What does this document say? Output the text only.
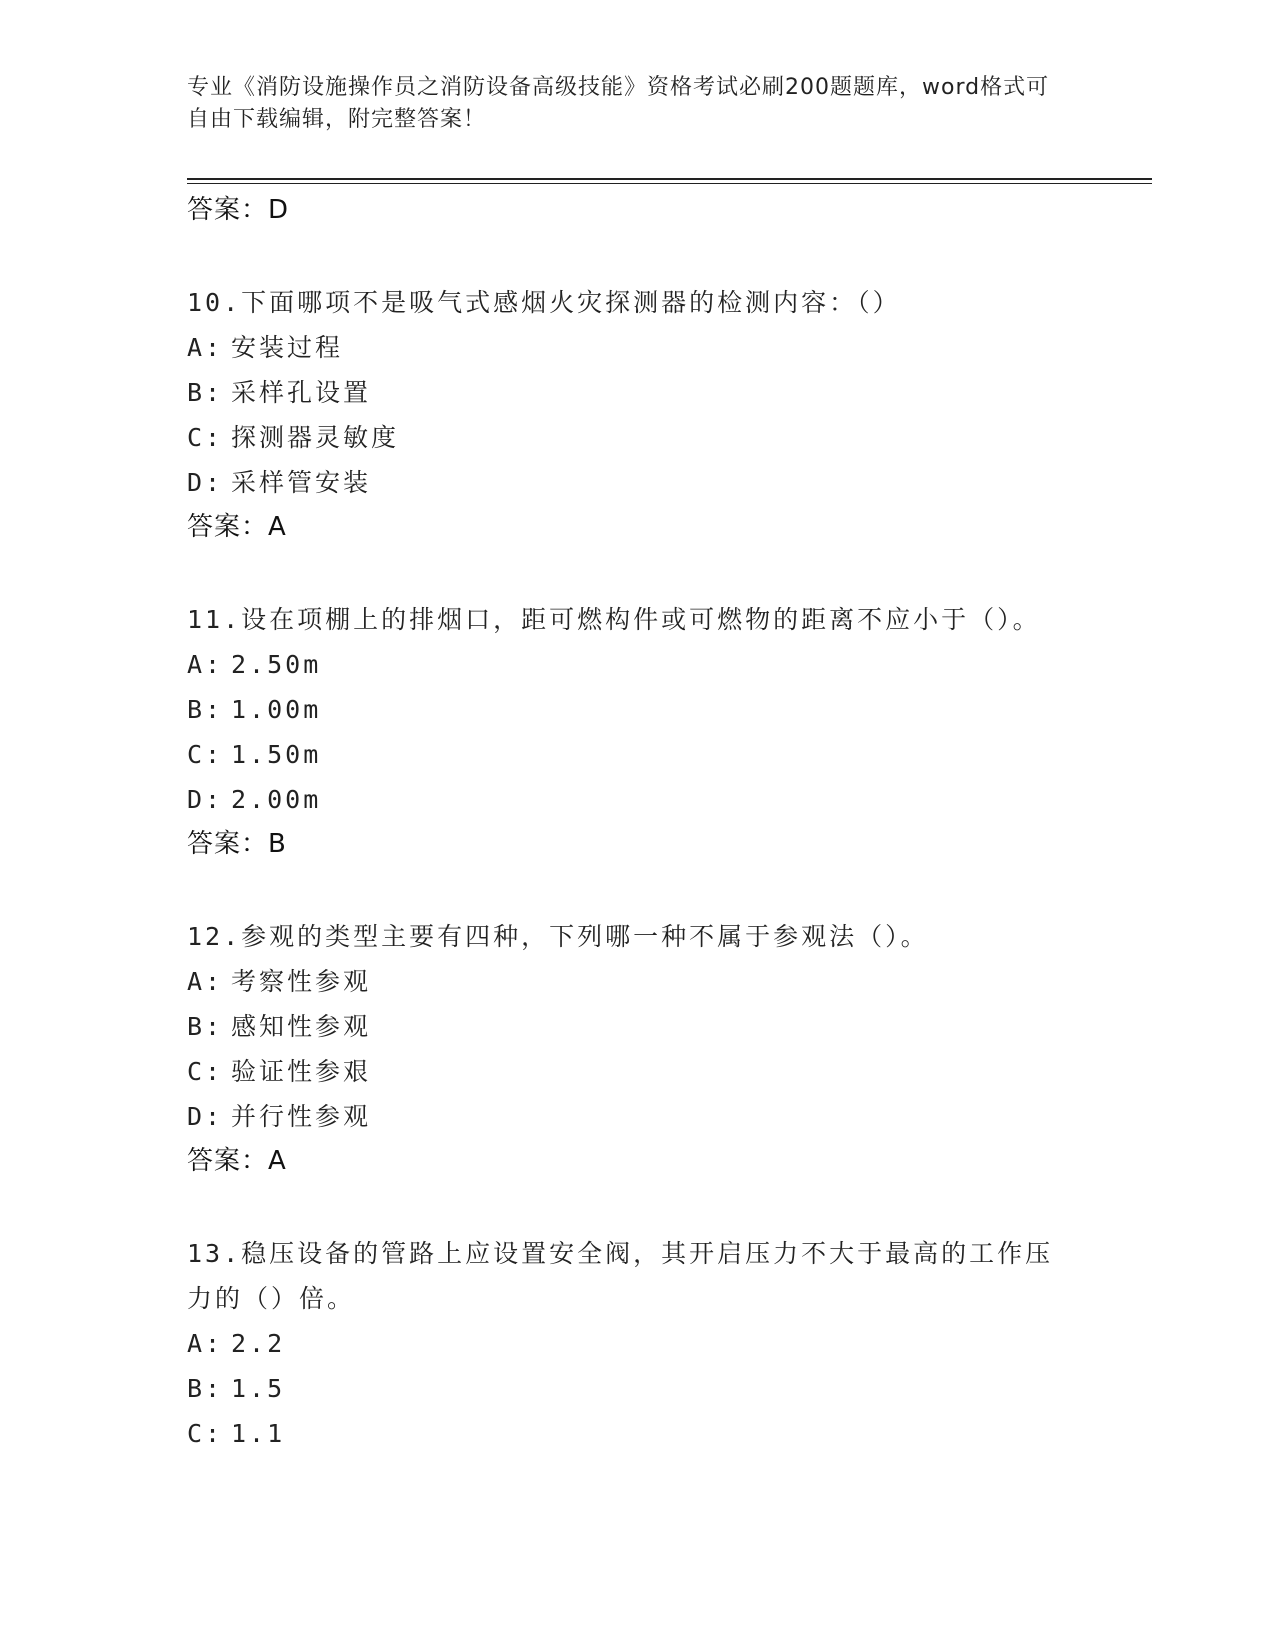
专业《消防设施操作员之消防设备高级技能》资格考试必刷200题题库，word格式可自由下载编辑，附完整答案！
答案：D
10.下面哪项不是吸气式感烟火灾探测器的检测内容：（）
A: 安装过程
B: 采样孔设置
C: 探测器灵敏度
D: 采样管安装
答案：A
11.设在项棚上的排烟口，距可燃构件或可燃物的距离不应小于（）。
A: 2.50m
B: 1.00m
C: 1.50m
D: 2.00m
答案：B
12.参观的类型主要有四种，下列哪一种不属于参观法（）。
A: 考察性参观
B: 感知性参观
C: 验证性参艰
D: 并行性参观
答案：A
13.稳压设备的管路上应设置安全阀，其开启压力不大于最高的工作压力的（）倍。
A: 2.2
B: 1.5
C: 1.1
